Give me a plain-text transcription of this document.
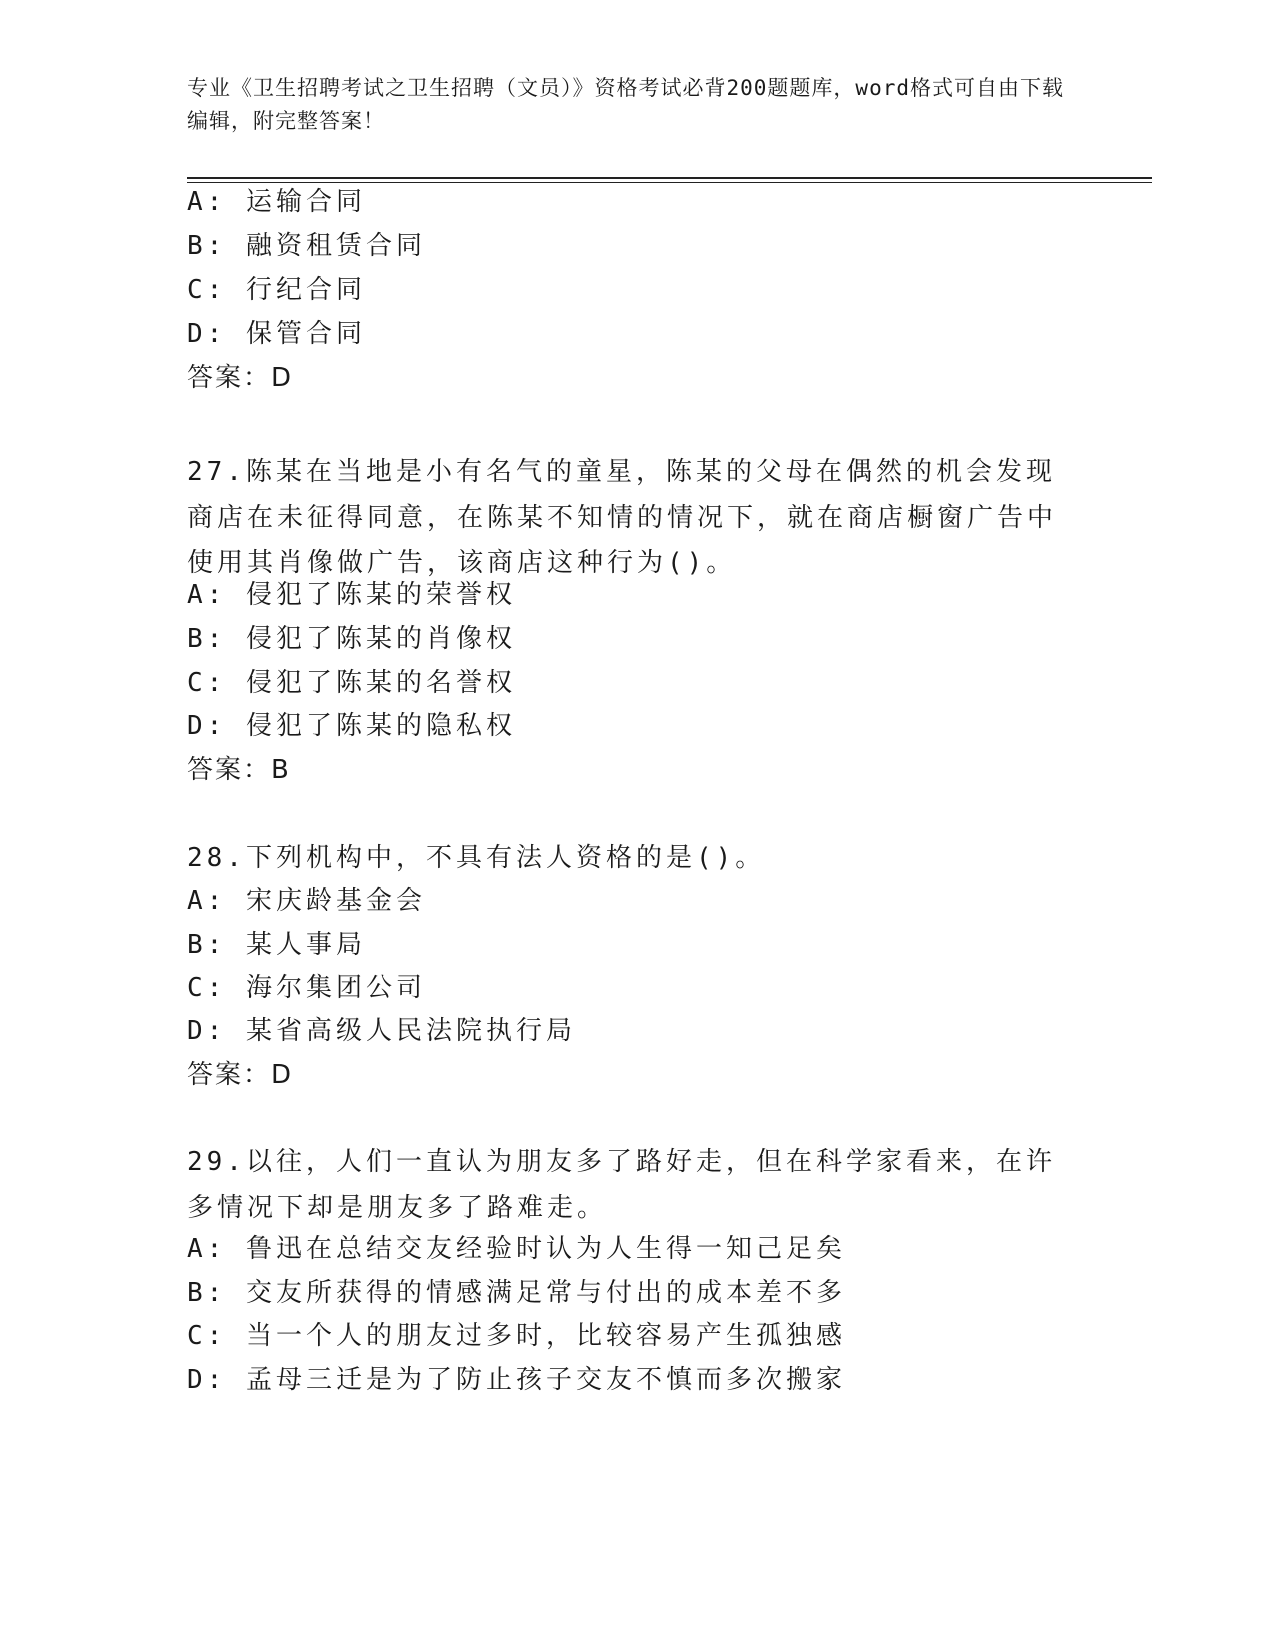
专业《卫生招聘考试之卫生招聘（文员）》资格考试必背200题题库，word格式可自由下载编辑，附完整答案！

A: 运输合同

B: 融资租赁合同

C: 行纪合同

D: 保管合同

答案：D

27.陈某在当地是小有名气的童星，陈某的父母在偶然的机会发现商店在未征得同意，在陈某不知情的情况下，就在商店橱窗广告中使用其肖像做广告，该商店这种行为()。

A: 侵犯了陈某的荣誉权

B: 侵犯了陈某的肖像权

C: 侵犯了陈某的名誉权

D: 侵犯了陈某的隐私权

答案：B

28.下列机构中，不具有法人资格的是()。

A: 宋庆龄基金会

B: 某人事局

C: 海尔集团公司

D: 某省高级人民法院执行局

答案：D

29.以往，人们一直认为朋友多了路好走，但在科学家看来，在许多情况下却是朋友多了路难走。

A: 鲁迅在总结交友经验时认为人生得一知己足矣

B: 交友所获得的情感满足常与付出的成本差不多

C: 当一个人的朋友过多时，比较容易产生孤独感

D: 孟母三迁是为了防止孩子交友不慎而多次搬家
